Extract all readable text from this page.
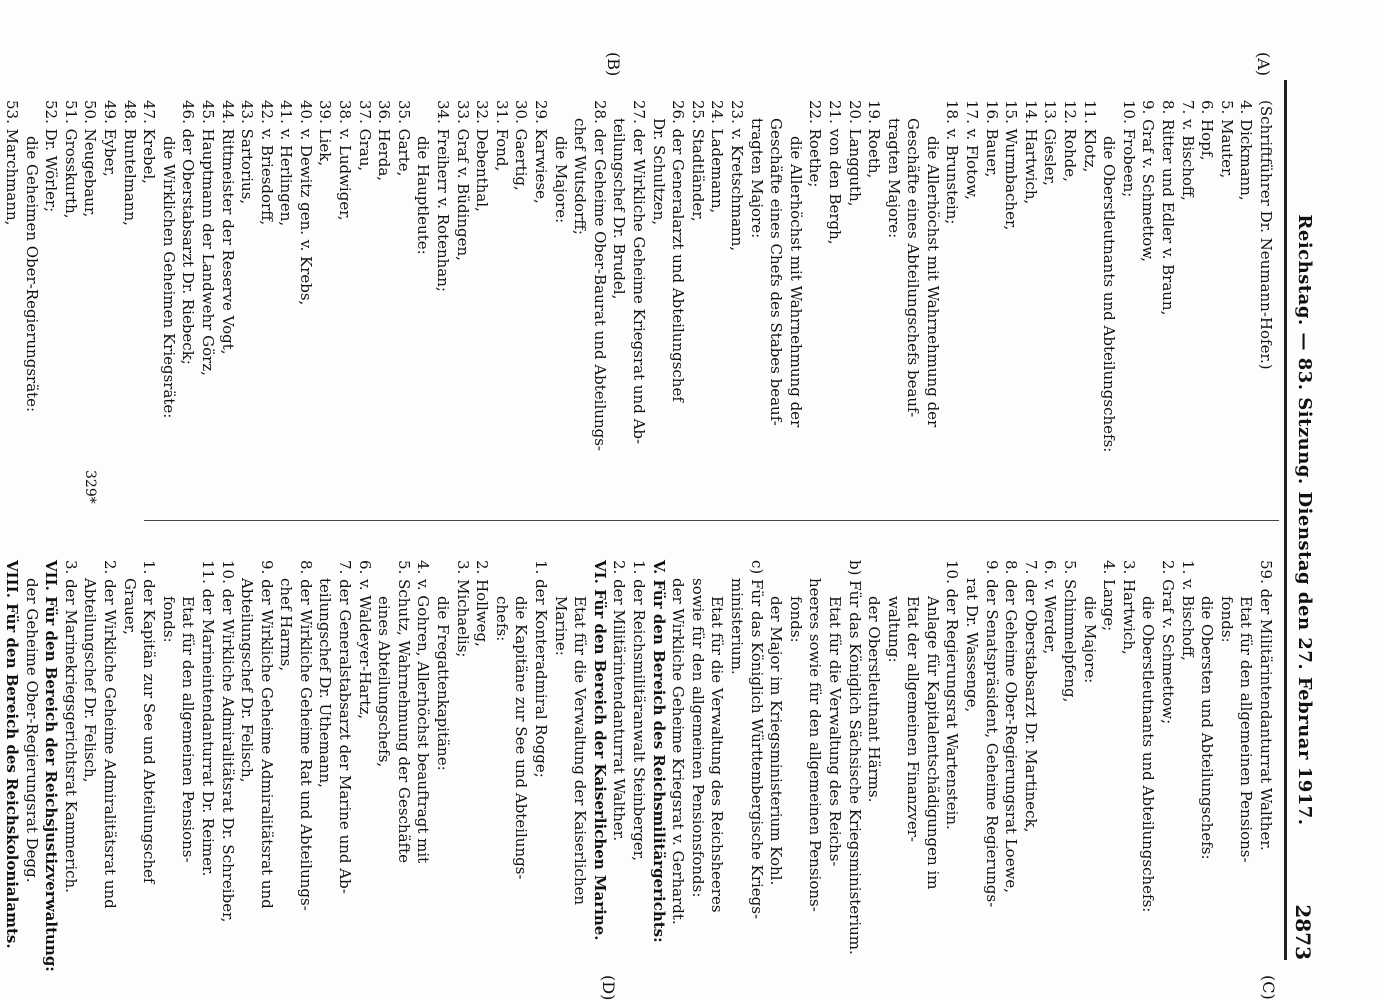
Reichstag. — 83. Sitzung. Dienstag den 27. Februar 1917.
2873
(A)
(B)
(C)
(D)
(Schriftführer Dr. Neumann-Hofer.)
4. Dickmann,
5. Mauter,
6. Hopf,
7. v. Bischoff,
8. Ritter und Edler v. Braun,
9. Graf v. Schmettow,
10. Frobeen;
die Oberstleutnants und Abteilungschefs:
11. Klotz,
12. Rohde,
13. Giesler,
14. Hartwich,
15. Wurmbacher,
16. Bauer,
17. v. Flotow,
18. v. Brunstein;
die Allerhöchst mit Wahrnehmung der
Geschäfte eines Abteilungschefs beauf-
tragten Majore:
19. Roeth,
20. Langguth,
21. von den Bergh,
22. Roethe;
die Allerhöchst mit Wahrnehmung der
Geschäfte eines Chefs des Stabes beauf-
tragten Majore:
23. v. Kretschmann,
24. Lademann,
25. Stadtländer,
26. der Generalarzt und Abteilungschef
Dr. Schultzen,
27. der Wirkliche Geheime Kriegsrat und Ab-
teilungschef Dr. Brudel,
28. der Geheime Ober-Baurat und Abteilungs-
chef Wutsdorff;
die Majore:
29. Karwiese,
30. Gaertig,
31. Fond,
32. Debenthal,
33. Graf v. Büdingen,
34. Freiherr v. Rotenhan;
die Hauptleute:
35. Garte,
36. Herda,
37. Grau,
38. v. Ludwiger,
39. Liek,
40. v. Dewitz gen. v. Krebs,
41. v. Herlingen,
42. v. Briesdorff,
43. Sartorius,
44. Rittmeister der Reserve Vogt,
45. Hauptmann der Landwehr Görz,
46. der Oberstabsarzt Dr. Riebeck;
die Wirklichen Geheimen Kriegsräte:
47. Krebel,
48. Buntelmann,
49. Eyber,
50. Neugebaur,
51. Grosskurth,
52. Dr. Wörler;
die Geheimen Ober-Regierungsräte:
53. Marchmann,
59. der Militärintendanturrat Walther.
Etat für den allgemeinen Pensions-
fonds:
die Obersten und Abteilungschefs:
1. v. Bischoff,
2. Graf v. Schmettow;
die Oberstleutnants und Abteilungschefs:
3. Hartwich,
4. Lange;
die Majore:
5. Schimmelpfeng,
6. v. Werder,
7. der Oberstabsarzt Dr. Martineck,
8. der Geheime Ober-Regierungsrat Loewe,
9. der Senatspräsident, Geheime Regierungs-
rat Dr. Wassenge,
10. der Regierungsrat Wartenstein.
Anlage für Kapitalentschädigungen im
Etat der allgemeinen Finanzver-
waltung:
der Oberstleutnant Härms.
b) Für das Königlich Sächsische Kriegsministerium.
Etat für die Verwaltung des Reichs-
heeres sowie für den allgemeinen Pensions-
fonds:
der Major im Kriegsministerium Kohl.
c) Für das Königlich Württembergische Kriegs-
ministerium.
Etat für die Verwaltung des Reichsheeres
sowie für den allgemeinen Pensionsfonds:
der Wirkliche Geheime Kriegsrat v. Gerhardt.
V. Für den Bereich des Reichsmilitärgerichts:
1. der Reichsmilitäranwalt Steinberger,
2. der Militärintendanturrat Walther.
VI. Für den Bereich der Kaiserlichen Marine.
Etat für die Verwaltung der Kaiserlichen
Marine:
1. der Konteradmiral Rogge;
die Kapitäne zur See und Abteilungs-
chefs:
2. Hollweg,
3. Michaelis;
die Fregattenkapitäne:
4. v. Gohren, Allerhöchst beauftragt mit
5. Schutz, Wahrnehmung der Geschäfte
eines Abteilungschefs,
6. v. Waldeyer-Hartz,
7. der Generalstabsarzt der Marine und Ab-
teilungschef Dr. Uthemann,
8. der Wirkliche Geheime Rat und Abteilungs-
chef Harms,
9. der Wirkliche Geheime Admiralitätsrat und
Abteilungschef Dr. Felisch,
10. der Wirkliche Admiralitätsrat Dr. Schreiber,
11. der Marineintendanturrat Dr. Reimer.
Etat für den allgemeinen Pensions-
fonds:
1. der Kapitän zur See und Abteilungschef
Grauer,
2. der Wirkliche Geheime Admiralitätsrat und
Abteilungschef Dr. Felisch,
3. der Marinekriegsgerichtsrat Kammerich.
VII. Für den Bereich der Reichsjustizverwaltung:
der Geheime Ober-Regierungsrat Degg.
VIII. Für den Bereich des Reichskolonialamts.
329*
